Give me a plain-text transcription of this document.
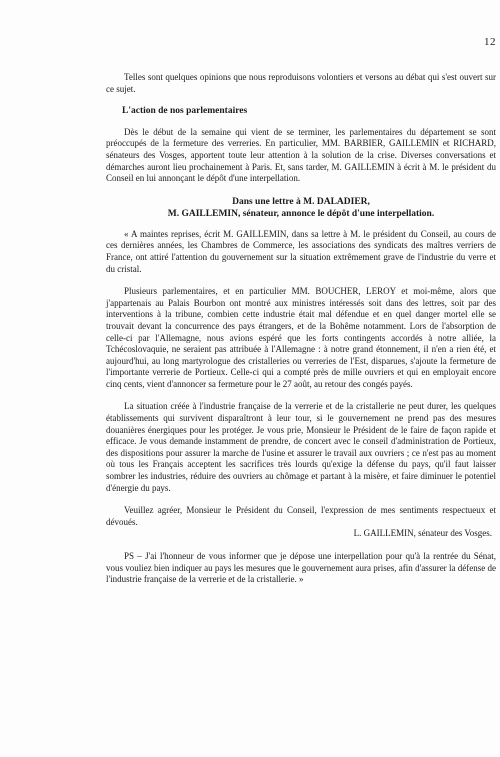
12

Telles sont quelques opinions que nous reproduisons volontiers et versons au débat qui s'est ouvert sur ce sujet.

L'action de nos parlementaires

Dès le début de la semaine qui vient de se terminer, les parlementaires du département se sont préoccupés de la fermeture des verreries. En particulier, MM. BARBIER, GAILLEMIN et RICHARD, sénateurs des Vosges, apportent toute leur attention à la solution de la crise. Diverses conversations et démarches auront lieu prochainement à Paris. Et, sans tarder, M. GAILLEMIN à écrit à M. le président du Conseil en lui annonçant le dépôt d'une interpellation.

Dans une lettre à M. DALADIER,
M. GAILLEMIN, sénateur, annonce le dépôt d'une interpellation.

« A maintes reprises, écrit M. GAILLEMIN, dans sa lettre à M. le président du Conseil, au cours de ces dernières années, les Chambres de Commerce, les associations des syndicats des maîtres verriers de France, ont attiré l'attention du gouvernement sur la situation extrêmement grave de l'industrie du verre et du cristal.

Plusieurs parlementaires, et en particulier MM. BOUCHER, LEROY et moi-même, alors que j'appartenais au Palais Bourbon ont montré aux ministres intéressés soit dans des lettres, soit par des interventions à la tribune, combien cette industrie était mal défendue et en quel danger mortel elle se trouvait devant la concurrence des pays étrangers, et de la Bohême notamment. Lors de l'absorption de celle-ci par l'Allemagne, nous avions espéré que les forts contingents accordés à notre alliée, la Tchécoslovaquie, ne seraient pas attribuée à l'Allemagne : à notre grand étonnement, il n'en a rien été, et aujourd'hui, au long martyrologue des cristalleries ou verreries de l'Est, disparues, s'ajoute la fermeture de l'importante verrerie de Portieux. Celle-ci qui a compté près de mille ouvriers et qui en employait encore cinq cents, vient d'annoncer sa fermeture pour le 27 août, au retour des congés payés.

La situation créée à l'industrie française de la verrerie et de la cristallerie ne peut durer, les quelques établissements qui survivent disparaîtront à leur tour, si le gouvernement ne prend pas des mesures douanières énergiques pour les protéger. Je vous prie, Monsieur le Président de le faire de façon rapide et efficace. Je vous demande instamment de prendre, de concert avec le conseil d'administration de Portieux, des dispositions pour assurer la marche de l'usine et assurer le travail aux ouvriers ; ce n'est pas au moment où tous les Français acceptent les sacrifices très lourds qu'exige la défense du pays, qu'il faut laisser sombrer les industries, réduire des ouvriers au chômage et partant à la misère, et faire diminuer le potentiel d'énergie du pays.

Veuillez agréer, Monsieur le Président du Conseil, l'expression de mes sentiments respectueux et dévoués.

L. GAILLEMIN, sénateur des Vosges.

PS – J'ai l'honneur de vous informer que je dépose une interpellation pour qu'à la rentrée du Sénat, vous vouliez bien indiquer au pays les mesures que le gouvernement aura prises, afin d'assurer la défense de l'industrie française de la verrerie et de la cristallerie. »
